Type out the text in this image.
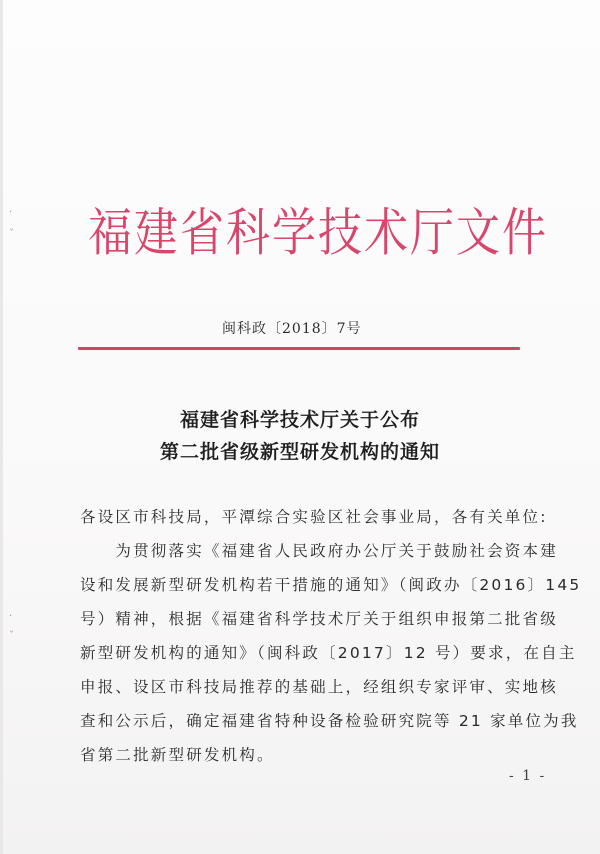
·
ˇ
·
ˇ
福建省科学技术厅文件
闽科政〔2018〕7号
福建省科学技术厅关于公布
第二批省级新型研发机构的通知
各设区市科技局，平潭综合实验区社会事业局，各有关单位:
　　为贯彻落实《福建省人民政府办公厅关于鼓励社会资本建
设和发展新型研发机构若干措施的通知》（闽政办〔2016〕145
号）精神，根据《福建省科学技术厅关于组织申报第二批省级
新型研发机构的通知》（闽科政〔2017〕12 号）要求，在自主
申报、设区市科技局推荐的基础上，经组织专家评审、实地核
查和公示后，确定福建省特种设备检验研究院等 21 家单位为我
省第二批新型研发机构。
- 1 -
